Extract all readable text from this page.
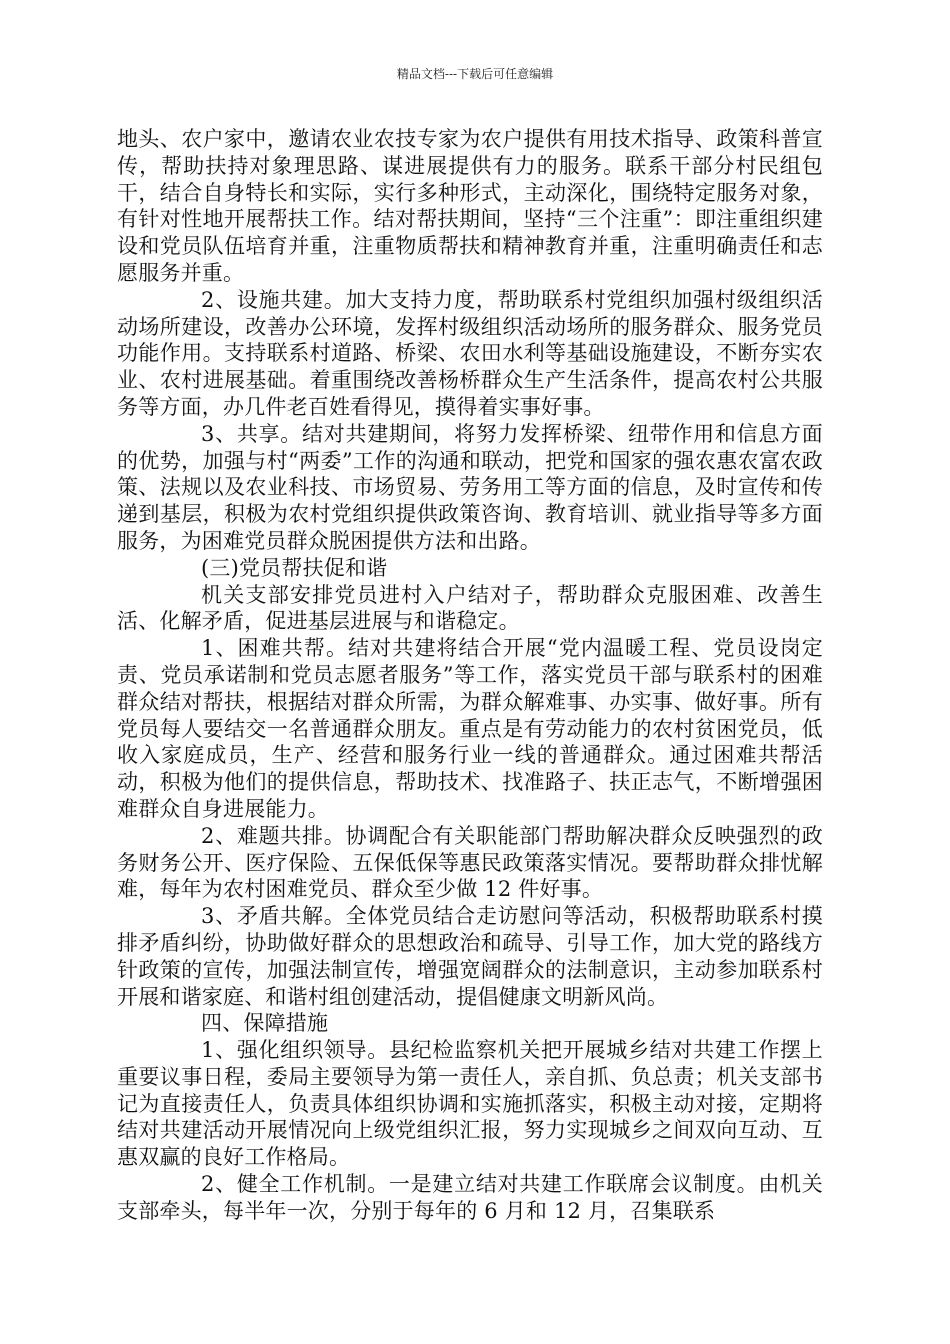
精品文档---下载后可任意编辑

地头、农户家中，邀请农业农技专家为农户提供有用技术指导、政策科普宣传，帮助扶持对象理思路、谋进展提供有力的服务。联系干部分村民组包干，结合自身特长和实际，实行多种形式，主动深化，围绕特定服务对象，有针对性地开展帮扶工作。结对帮扶期间，坚持“三个注重”：即注重组织建设和党员队伍培育并重，注重物质帮扶和精神教育并重，注重明确责任和志愿服务并重。

2、设施共建。加大支持力度，帮助联系村党组织加强村级组织活动场所建设，改善办公环境，发挥村级组织活动场所的服务群众、服务党员功能作用。支持联系村道路、桥梁、农田水利等基础设施建设，不断夯实农业、农村进展基础。着重围绕改善杨桥群众生产生活条件，提高农村公共服务等方面，办几件老百姓看得见，摸得着实事好事。

3、共享。结对共建期间，将努力发挥桥梁、纽带作用和信息方面的优势，加强与村“两委”工作的沟通和联动，把党和国家的强农惠农富农政策、法规以及农业科技、市场贸易、劳务用工等方面的信息，及时宣传和传递到基层，积极为农村党组织提供政策咨询、教育培训、就业指导等多方面服务，为困难党员群众脱困提供方法和出路。

(三)党员帮扶促和谐

机关支部安排党员进村入户结对子，帮助群众克服困难、改善生活、化解矛盾，促进基层进展与和谐稳定。

1、困难共帮。结对共建将结合开展“党内温暖工程、党员设岗定责、党员承诺制和党员志愿者服务”等工作，落实党员干部与联系村的困难群众结对帮扶，根据结对群众所需，为群众解难事、办实事、做好事。所有党员每人要结交一名普通群众朋友。重点是有劳动能力的农村贫困党员，低收入家庭成员，生产、经营和服务行业一线的普通群众。通过困难共帮活动，积极为他们的提供信息，帮助技术、找准路子、扶正志气，不断增强困难群众自身进展能力。

2、难题共排。协调配合有关职能部门帮助解决群众反映强烈的政务财务公开、医疗保险、五保低保等惠民政策落实情况。要帮助群众排忧解难，每年为农村困难党员、群众至少做 12 件好事。

3、矛盾共解。全体党员结合走访慰问等活动，积极帮助联系村摸排矛盾纠纷，协助做好群众的思想政治和疏导、引导工作，加大党的路线方针政策的宣传，加强法制宣传，增强宽阔群众的法制意识，主动参加联系村开展和谐家庭、和谐村组创建活动，提倡健康文明新风尚。

四、保障措施

1、强化组织领导。县纪检监察机关把开展城乡结对共建工作摆上重要议事日程，委局主要领导为第一责任人，亲自抓、负总责；机关支部书记为直接责任人，负责具体组织协调和实施抓落实，积极主动对接，定期将结对共建活动开展情况向上级党组织汇报，努力实现城乡之间双向互动、互惠双赢的良好工作格局。

2、健全工作机制。一是建立结对共建工作联席会议制度。由机关支部牵头，每半年一次，分别于每年的 6 月和 12 月，召集联系
